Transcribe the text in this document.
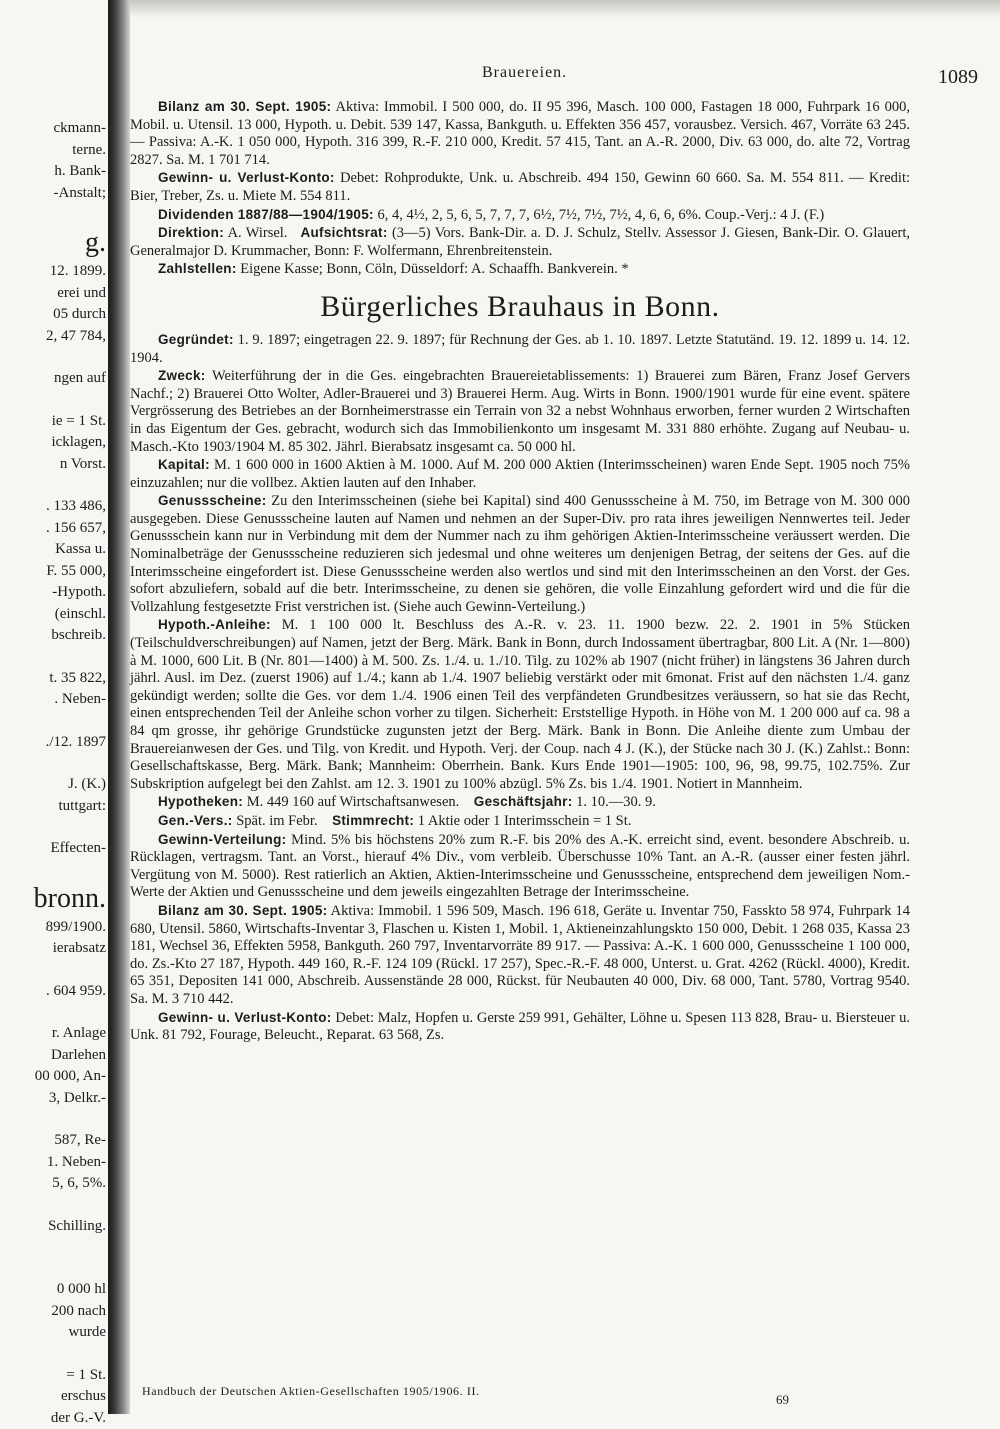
ckmann-
terne.
h. Bank-
-Anstalt;
g.
12. 1899.
erei und
05 durch
2, 47 784,
ngen auf
ie = 1 St.
icklagen,
n Vorst.
. 133 486,
. 156 657,
Kassa u.
F. 55 000,
-Hypoth.
(einschl.
bschreib.
t. 35 822,
. Neben-
./12. 1897
J. (K.)
tuttgart:
Effecten-
bronn.
899/1900.
ierabsatz
. 604 959.
r. Anlage
Darlehen
00 000, An-
3, Delkr.-
587, Re-
1. Neben-
5, 6, 5%.
Schilling.
0 000 hl
200 nach
wurde
= 1 St.
erschus
der G.-V.
Brauereien.	1089

Bilanz am 30. Sept. 1905: Aktiva: Immobil. I 500 000, do. II 95 396, Masch. 100 000, Fastagen 18 000, Fuhrpark 16 000, Mobil. u. Utensil. 13 000, Hypoth. u. Debit. 539 147, Kassa, Bankguth. u. Effekten 356 457, vorausbez. Versich. 467, Vorräte 63 245. — Passiva: A.-K. 1 050 000, Hypoth. 316 399, R.-F. 210 000, Kredit. 57 415, Tant. an A.-R. 2000, Div. 63 000, do. alte 72, Vortrag 2827. Sa. M. 1 701 714.

Gewinn- u. Verlust-Konto: Debet: Rohprodukte, Unk. u. Abschreib. 494 150, Gewinn 60 660. Sa. M. 554 811. — Kredit: Bier, Treber, Zs. u. Miete M. 554 811.

Dividenden 1887/88—1904/1905: 6, 4, 4½, 2, 5, 6, 5, 7, 7, 7, 6½, 7½, 7½, 7½, 4, 6, 6, 6%. Coup.-Verj.: 4 J. (F.)

Direktion: A. Wirsel. Aufsichtsrat: (3—5) Vors. Bank-Dir. a. D. J. Schulz, Stellv. Assessor J. Giesen, Bank-Dir. O. Glauert, Generalmajor D. Krummacher, Bonn: F. Wolfermann, Ehrenbreitenstein.

Zahlstellen: Eigene Kasse; Bonn, Cöln, Düsseldorf: A. Schaaffh. Bankverein. *

Bürgerliches Brauhaus in Bonn.

Gegründet: 1. 9. 1897; eingetragen 22. 9. 1897; für Rechnung der Ges. ab 1. 10. 1897. Letzte Statutänd. 19. 12. 1899 u. 14. 12. 1904.

Zweck: Weiterführung der in die Ges. eingebrachten Brauereietablissements: 1) Brauerei zum Bären, Franz Josef Gervers Nachf.; 2) Brauerei Otto Wolter, Adler-Brauerei und 3) Brauerei Herm. Aug. Wirts in Bonn. 1900/1901 wurde für eine event. spätere Vergrösserung des Betriebes an der Bornheimerstrasse ein Terrain von 32 a nebst Wohnhaus erworben, ferner wurden 2 Wirtschaften in das Eigentum der Ges. gebracht, wodurch sich das Immobilienkonto um insgesamt M. 331 880 erhöhte. Zugang auf Neubau- u. Masch.-Kto 1903/1904 M. 85 302. Jährl. Bierabsatz insgesamt ca. 50 000 hl.

Kapital: M. 1 600 000 in 1600 Aktien à M. 1000. Auf M. 200 000 Aktien (Interimsscheinen) waren Ende Sept. 1905 noch 75% einzuzahlen; nur die vollbez. Aktien lauten auf den Inhaber.

Genussscheine: Zu den Interimsscheinen (siehe bei Kapital) sind 400 Genussscheine à M. 750, im Betrage von M. 300 000 ausgegeben. Diese Genussscheine lauten auf Namen und nehmen an der Super-Div. pro rata ihres jeweiligen Nennwertes teil. Jeder Genussschein kann nur in Verbindung mit dem der Nummer nach zu ihm gehörigen Aktien-Interimsscheine veräussert werden. Die Nominalbeträge der Genussscheine reduzieren sich jedesmal und ohne weiteres um denjenigen Betrag, der seitens der Ges. auf die Interimsscheine eingefordert ist. Diese Genussscheine werden also wertlos und sind mit den Interimsscheinen an den Vorst. der Ges. sofort abzuliefern, sobald auf die betr. Interimsscheine, zu denen sie gehören, die volle Einzahlung gefordert wird und die für die Vollzahlung festgesetzte Frist verstrichen ist. (Siehe auch Gewinn-Verteilung.)

Hypoth.-Anleihe: M. 1 100 000 lt. Beschluss des A.-R. v. 23. 11. 1900 bezw. 22. 2. 1901 in 5% Stücken (Teilschuldverschreibungen) auf Namen, jetzt der Berg. Märk. Bank in Bonn, durch Indossament übertragbar, 800 Lit. A (Nr. 1—800) à M. 1000, 600 Lit. B (Nr. 801—1400) à M. 500. Zs. 1./4. u. 1./10. Tilg. zu 102% ab 1907 (nicht früher) in längstens 36 Jahren durch jährl. Ausl. im Dez. (zuerst 1906) auf 1./4.; kann ab 1./4. 1907 beliebig verstärkt oder mit 6monat. Frist auf den nächsten 1./4. ganz gekündigt werden; sollte die Ges. vor dem 1./4. 1906 einen Teil des verpfändeten Grundbesitzes veräussern, so hat sie das Recht, einen entsprechenden Teil der Anleihe schon vorher zu tilgen. Sicherheit: Erststellige Hypoth. in Höhe von M. 1 200 000 auf ca. 98 a 84 qm grosse, ihr gehörige Grundstücke zugunsten jetzt der Berg. Märk. Bank in Bonn. Die Anleihe diente zum Umbau der Brauereianwesen der Ges. und Tilg. von Kredit. und Hypoth. Verj. der Coup. nach 4 J. (K.), der Stücke nach 30 J. (K.) Zahlst.: Bonn: Gesellschaftskasse, Berg. Märk. Bank; Mannheim: Oberrhein. Bank. Kurs Ende 1901—1905: 100, 96, 98, 99.75, 102.75%. Zur Subskription aufgelegt bei den Zahlst. am 12. 3. 1901 zu 100% abzügl. 5% Zs. bis 1./4. 1901. Notiert in Mannheim.

Hypotheken: M. 449 160 auf Wirtschaftsanwesen.  Geschäftsjahr: 1. 10.—30. 9.

Gen.-Vers.: Spät. im Febr.  Stimmrecht: 1 Aktie oder 1 Interimsschein = 1 St.

Gewinn-Verteilung: Mind. 5% bis höchstens 20% zum R.-F. bis 20% des A.-K. erreicht sind, event. besondere Abschreib. u. Rücklagen, vertragsm. Tant. an Vorst., hierauf 4% Div., vom verbleib. Überschusse 10% Tant. an A.-R. (ausser einer festen jährl. Vergütung von M. 5000). Rest ratierlich an Aktien, Aktien-Interimsscheine und Genussscheine, entsprechend dem jeweiligen Nom.-Werte der Aktien und Genussscheine und dem jeweils eingezahlten Betrage der Interimsscheine.

Bilanz am 30. Sept. 1905: Aktiva: Immobil. 1 596 509, Masch. 196 618, Geräte u. Inventar 750, Fasskto 58 974, Fuhrpark 14 680, Utensil. 5860, Wirtschafts-Inventar 3, Flaschen u. Kisten 1, Mobil. 1, Aktieneinzahlungskto 150 000, Debit. 1 268 035, Kassa 23 181, Wechsel 36, Effekten 5958, Bankguth. 260 797, Inventarvorräte 89 917. — Passiva: A.-K. 1 600 000, Genussscheine 1 100 000, do. Zs.-Kto 27 187, Hypoth. 449 160, R.-F. 124 109 (Rückl. 17 257), Spec.-R.-F. 48 000, Unterst. u. Grat. 4262 (Rückl. 4000), Kredit. 65 351, Depositen 141 000, Abschreib. Aussenstände 28 000, Rückst. für Neubauten 40 000, Div. 68 000, Tant. 5780, Vortrag 9540. Sa. M. 3 710 442.

Gewinn- u. Verlust-Konto: Debet: Malz, Hopfen u. Gerste 259 991, Gehälter, Löhne u. Spesen 113 828, Brau- u. Biersteuer u. Unk. 81 792, Fourage, Beleucht., Reparat. 63 568, Zs.

Handbuch der Deutschen Aktien-Gesellschaften 1905/1906. II.
69
